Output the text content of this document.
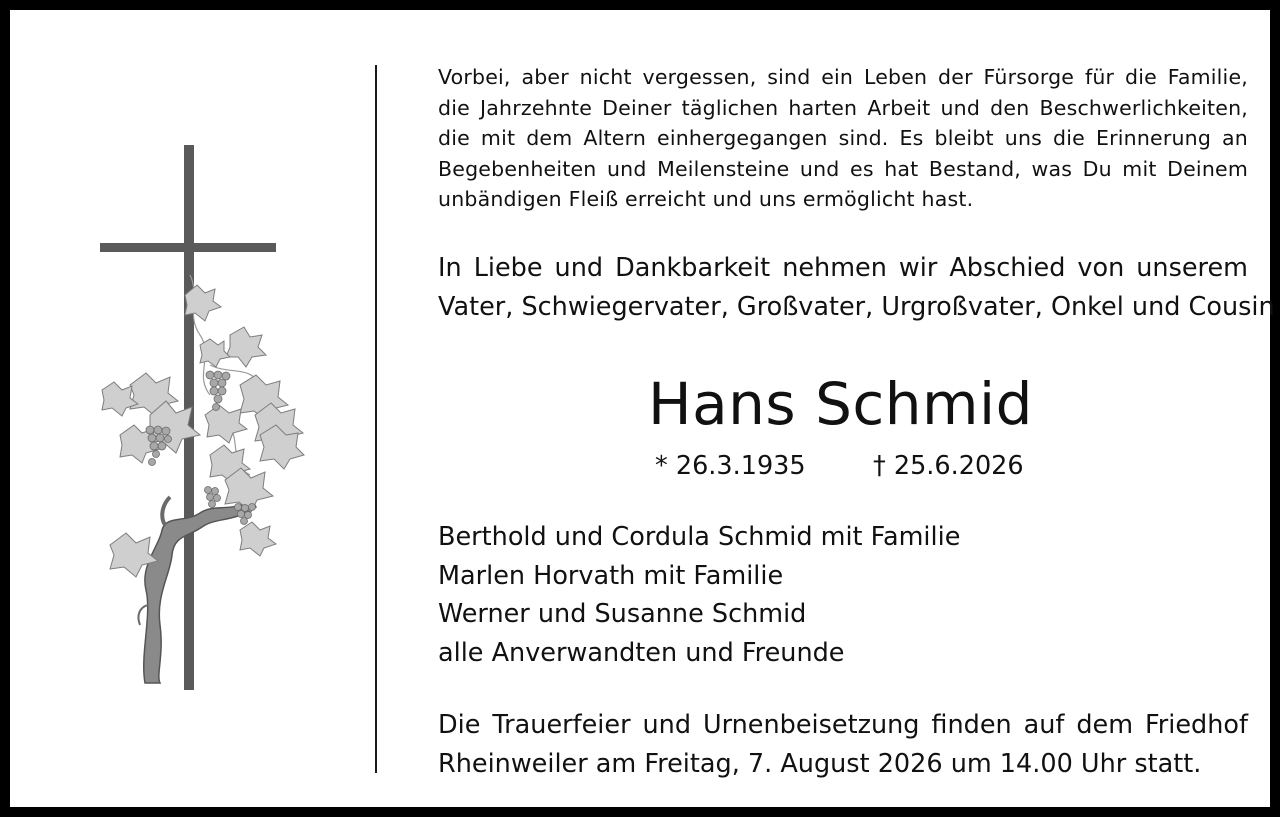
Vorbei, aber nicht vergessen, sind ein Leben der Fürsorge für die Familie,
die Jahrzehnte Deiner täglichen harten Arbeit und den Beschwerlichkeiten,
die mit dem Altern einhergegangen sind. Es bleibt uns die Erinnerung an
Begebenheiten und Meilensteine und es hat Bestand, was Du mit Deinem
unbändigen Fleiß erreicht und uns ermöglicht hast.
In Liebe und Dankbarkeit nehmen wir Abschied von unserem
Vater, Schwiegervater, Großvater, Urgroßvater, Onkel und Cousin
Hans Schmid
* 26.3.1935	† 25.6.2026
Berthold und Cordula Schmid mit Familie
Marlen Horvath mit Familie
Werner und Susanne Schmid
alle Anverwandten und Freunde
Die Trauerfeier und Urnenbeisetzung finden auf dem Friedhof
Rheinweiler am Freitag, 7. August 2026 um 14.00 Uhr statt.
